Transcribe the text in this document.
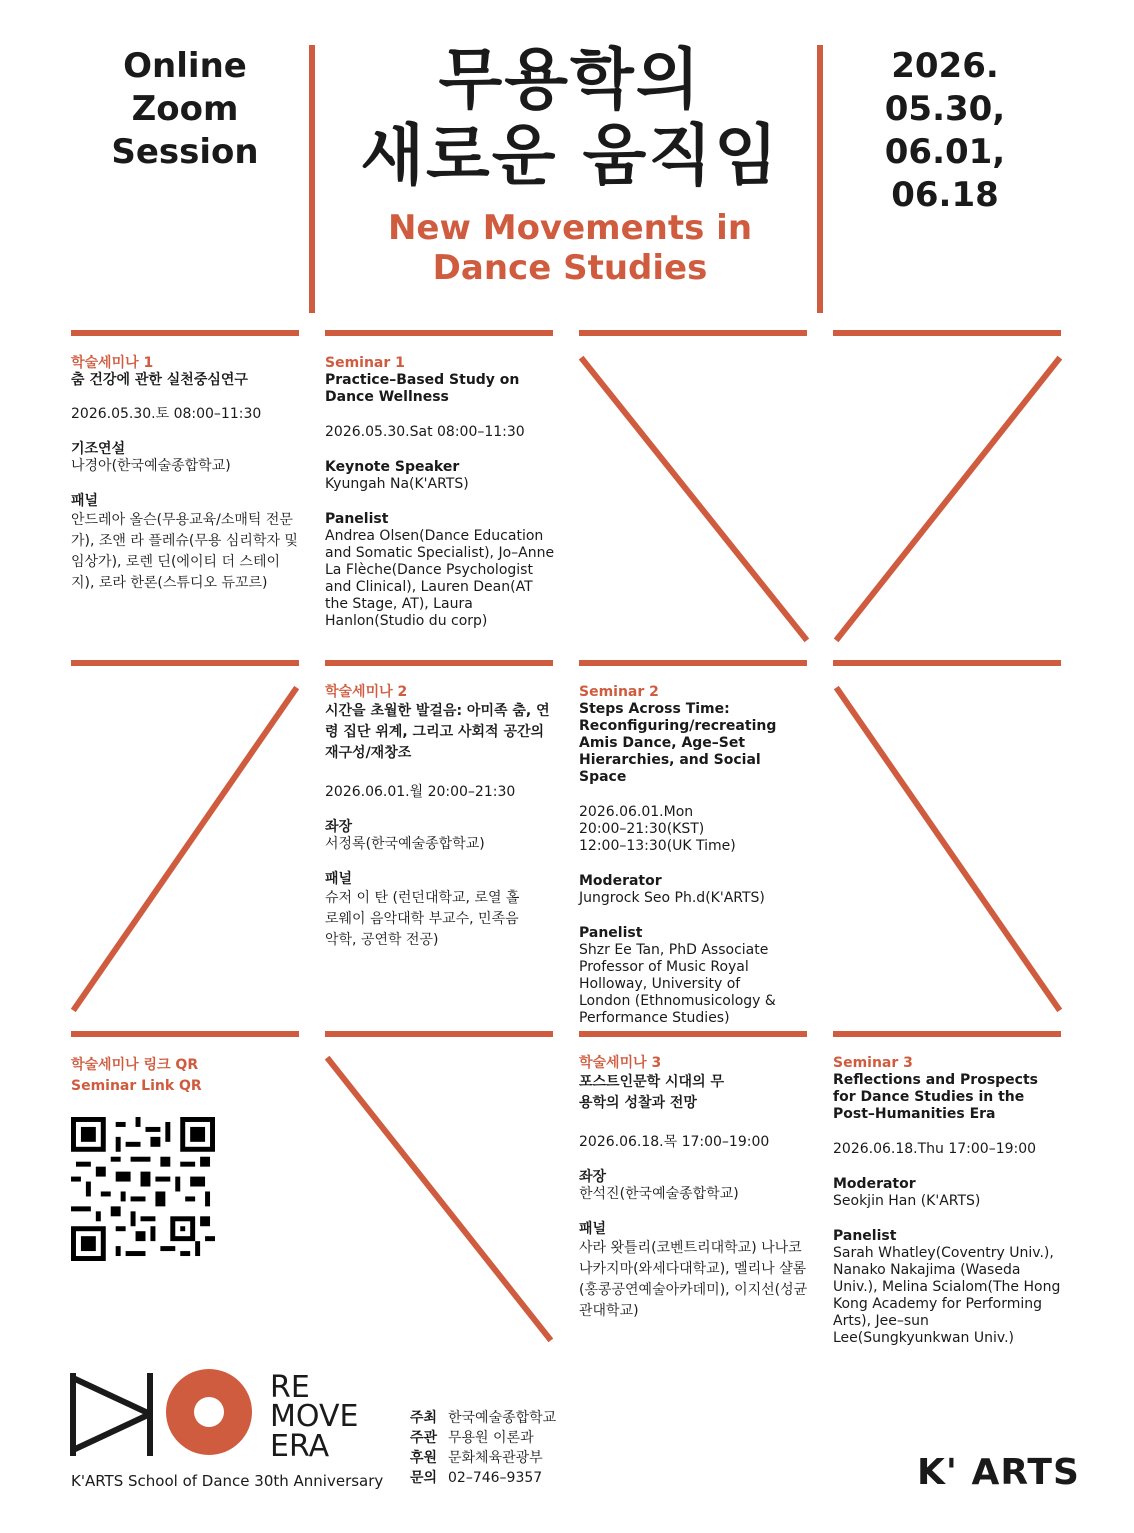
Online
Zoom
Session
무용학의
새로운 움직임
New Movements in
Dance Studies
2026.
05.30,
06.01,
06.18
학술세미나 1
춤 건강에 관한 실천중심연구
2026.05.30.토 08:00–11:30
기조연설
나경아(한국예술종합학교)
패널
안드레아 올슨(무용교육/소매틱 전문가), 조앤 라 플레슈(무용 심리학자 및 임상가), 로렌 딘(에이티 더 스테이지), 로라 한론(스튜디오 듀꼬르)
Seminar 1
Practice–Based Study on Dance Wellness
2026.05.30.Sat 08:00–11:30
Keynote Speaker
Kyungah Na(K'ARTS)
Panelist
Andrea Olsen(Dance Education and Somatic Specialist), Jo–Anne La Flèche(Dance Psychologist and Clinical), Lauren Dean(AT the Stage, AT), Laura Hanlon(Studio du corp)
학술세미나 2
시간을 초월한 발걸음: 아미족 춤, 연령 집단 위계, 그리고 사회적 공간의 재구성/재창조
2026.06.01.월 20:00–21:30
좌장
서정록(한국예술종합학교)
패널
슈저 이 탄 (런던대학교, 로열 홀로웨이 음악대학 부교수, 민족음악학, 공연학 전공)
Seminar 2
Steps Across Time: Reconfiguring/recreating Amis Dance, Age–Set Hierarchies, and Social Space
2026.06.01.Mon
20:00–21:30(KST)
12:00–13:30(UK Time)
Moderator
Jungrock Seo Ph.d(K'ARTS)
Panelist
Shzr Ee Tan, PhD Associate Professor of Music Royal Holloway, University of London (Ethnomusicology & Performance Studies)
학술세미나 링크 QR
Seminar Link QR
학술세미나 3
포스트인문학 시대의 무용학의 성찰과 전망
2026.06.18.목 17:00–19:00
좌장
한석진(한국예술종합학교)
패널
사라 왓틀리(코벤트리대학교) 나나코 나카지마(와세다대학교), 멜리나 샬롬(홍콩공연예술아카데미), 이지선(성균관대학교)
Seminar 3
Reflections and Prospects for Dance Studies in the Post–Humanities Era
2026.06.18.Thu 17:00–19:00
Moderator
Seokjin Han (K'ARTS)
Panelist
Sarah Whatley(Coventry Univ.), Nanako Nakajima (Waseda Univ.), Melina Scialom(The Hong Kong Academy for Performing Arts), Jee–sun Lee(Sungkyunkwan Univ.)
RE
MOVE
ERA
K'ARTS School of Dance 30th Anniversary
주최 한국예술종합학교
주관 무용원 이론과
후원 문화체육관광부
문의 02–746–9357	K' ARTS
